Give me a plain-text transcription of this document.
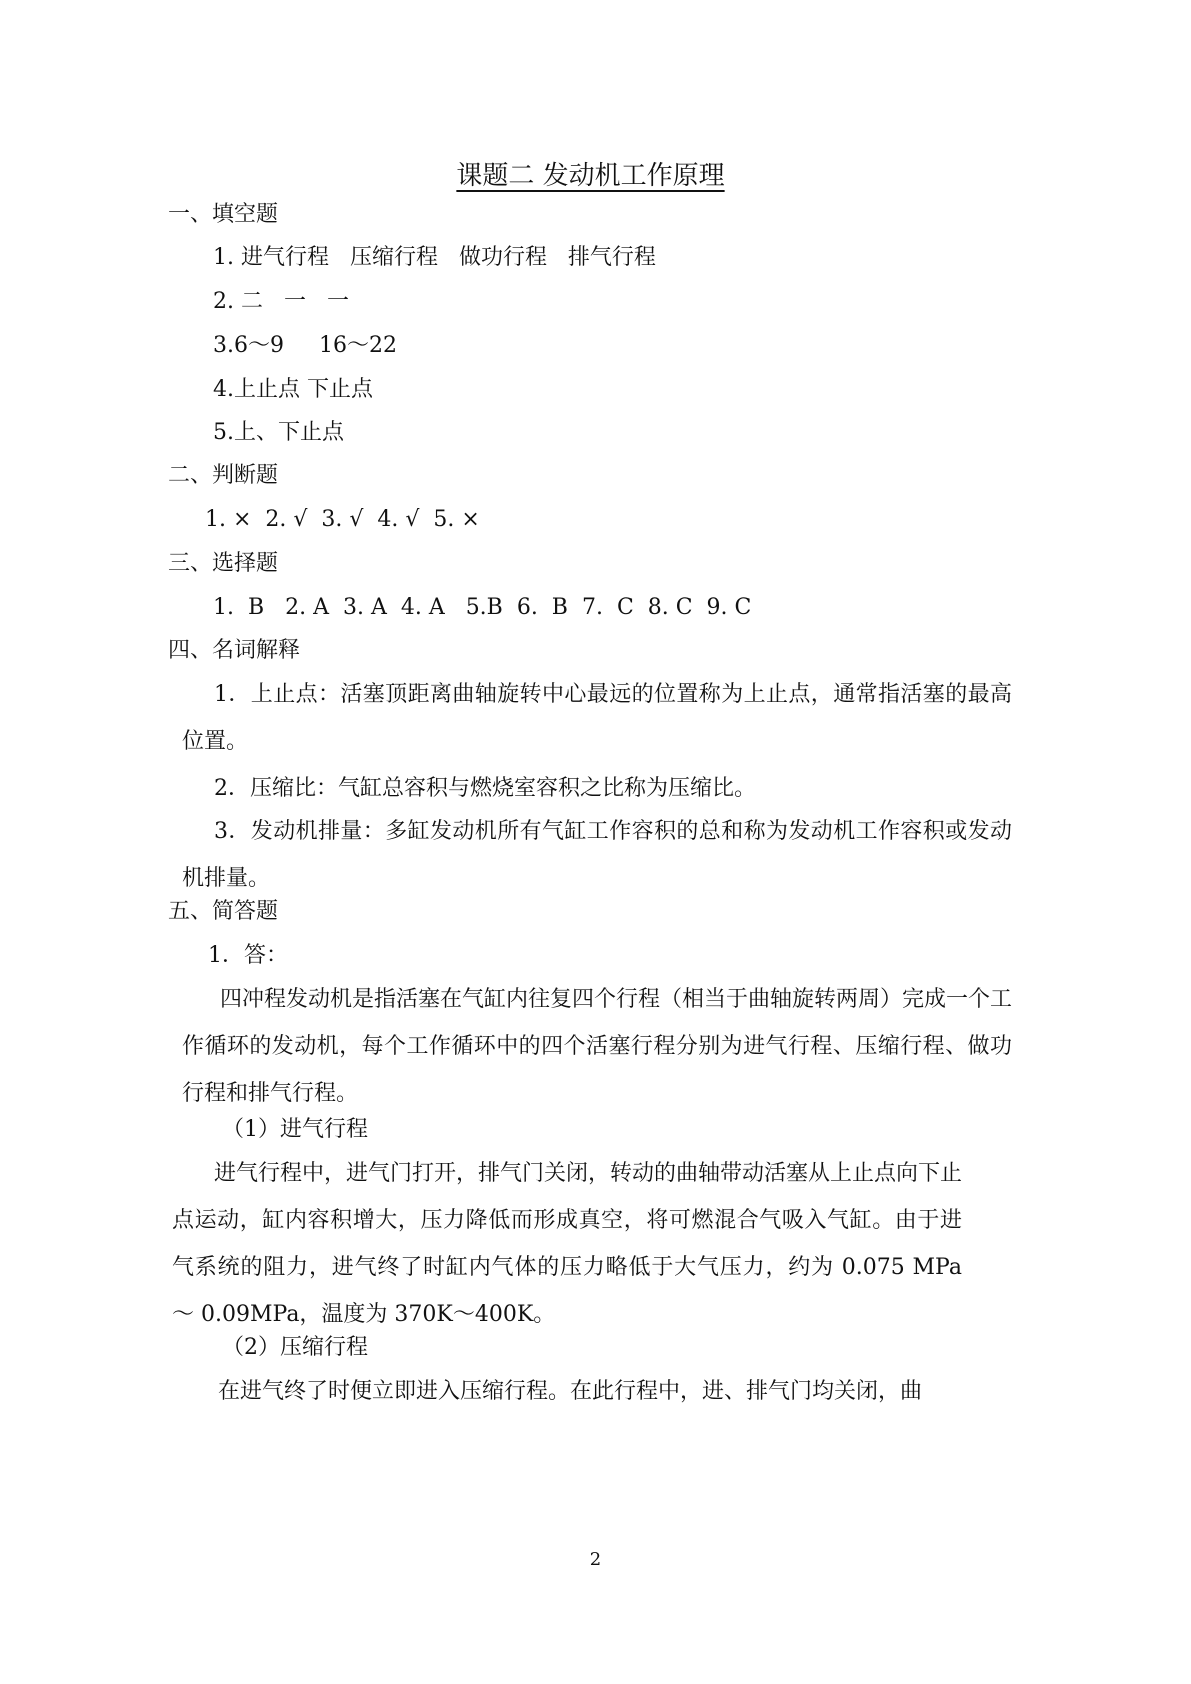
课题二 发动机工作原理
一、填空题
1. 进气行程   压缩行程   做功行程   排气行程
2. 二   一   一
3.6～9     16～22
4.上止点 下止点
5.上、下止点
二、判断题
1. ×  2. √  3. √  4. √  5. ×
三、选择题
1.  B   2. A  3. A  4. A   5.B  6.  B  7.  C  8. C  9. C
四、名词解释
1．上止点：活塞顶距离曲轴旋转中心最远的位置称为上止点，通常指活塞的最高位置。
2．压缩比：气缸总容积与燃烧室容积之比称为压缩比。
3．发动机排量：多缸发动机所有气缸工作容积的总和称为发动机工作容积或发动机排量。
五、简答题
1．答：
四冲程发动机是指活塞在气缸内往复四个行程（相当于曲轴旋转两周）完成一个工作循环的发动机，每个工作循环中的四个活塞行程分别为进气行程、压缩行程、做功行程和排气行程。
（1）进气行程
进气行程中，进气门打开，排气门关闭，转动的曲轴带动活塞从上止点向下止点运动，缸内容积增大，压力降低而形成真空，将可燃混合气吸入气缸。由于进气系统的阻力，进气终了时缸内气体的压力略低于大气压力，约为 0.075 MPa ～ 0.09MPa，温度为 370K～400K。
（2）压缩行程
在进气终了时便立即进入压缩行程。在此行程中，进、排气门均关闭，曲
2
